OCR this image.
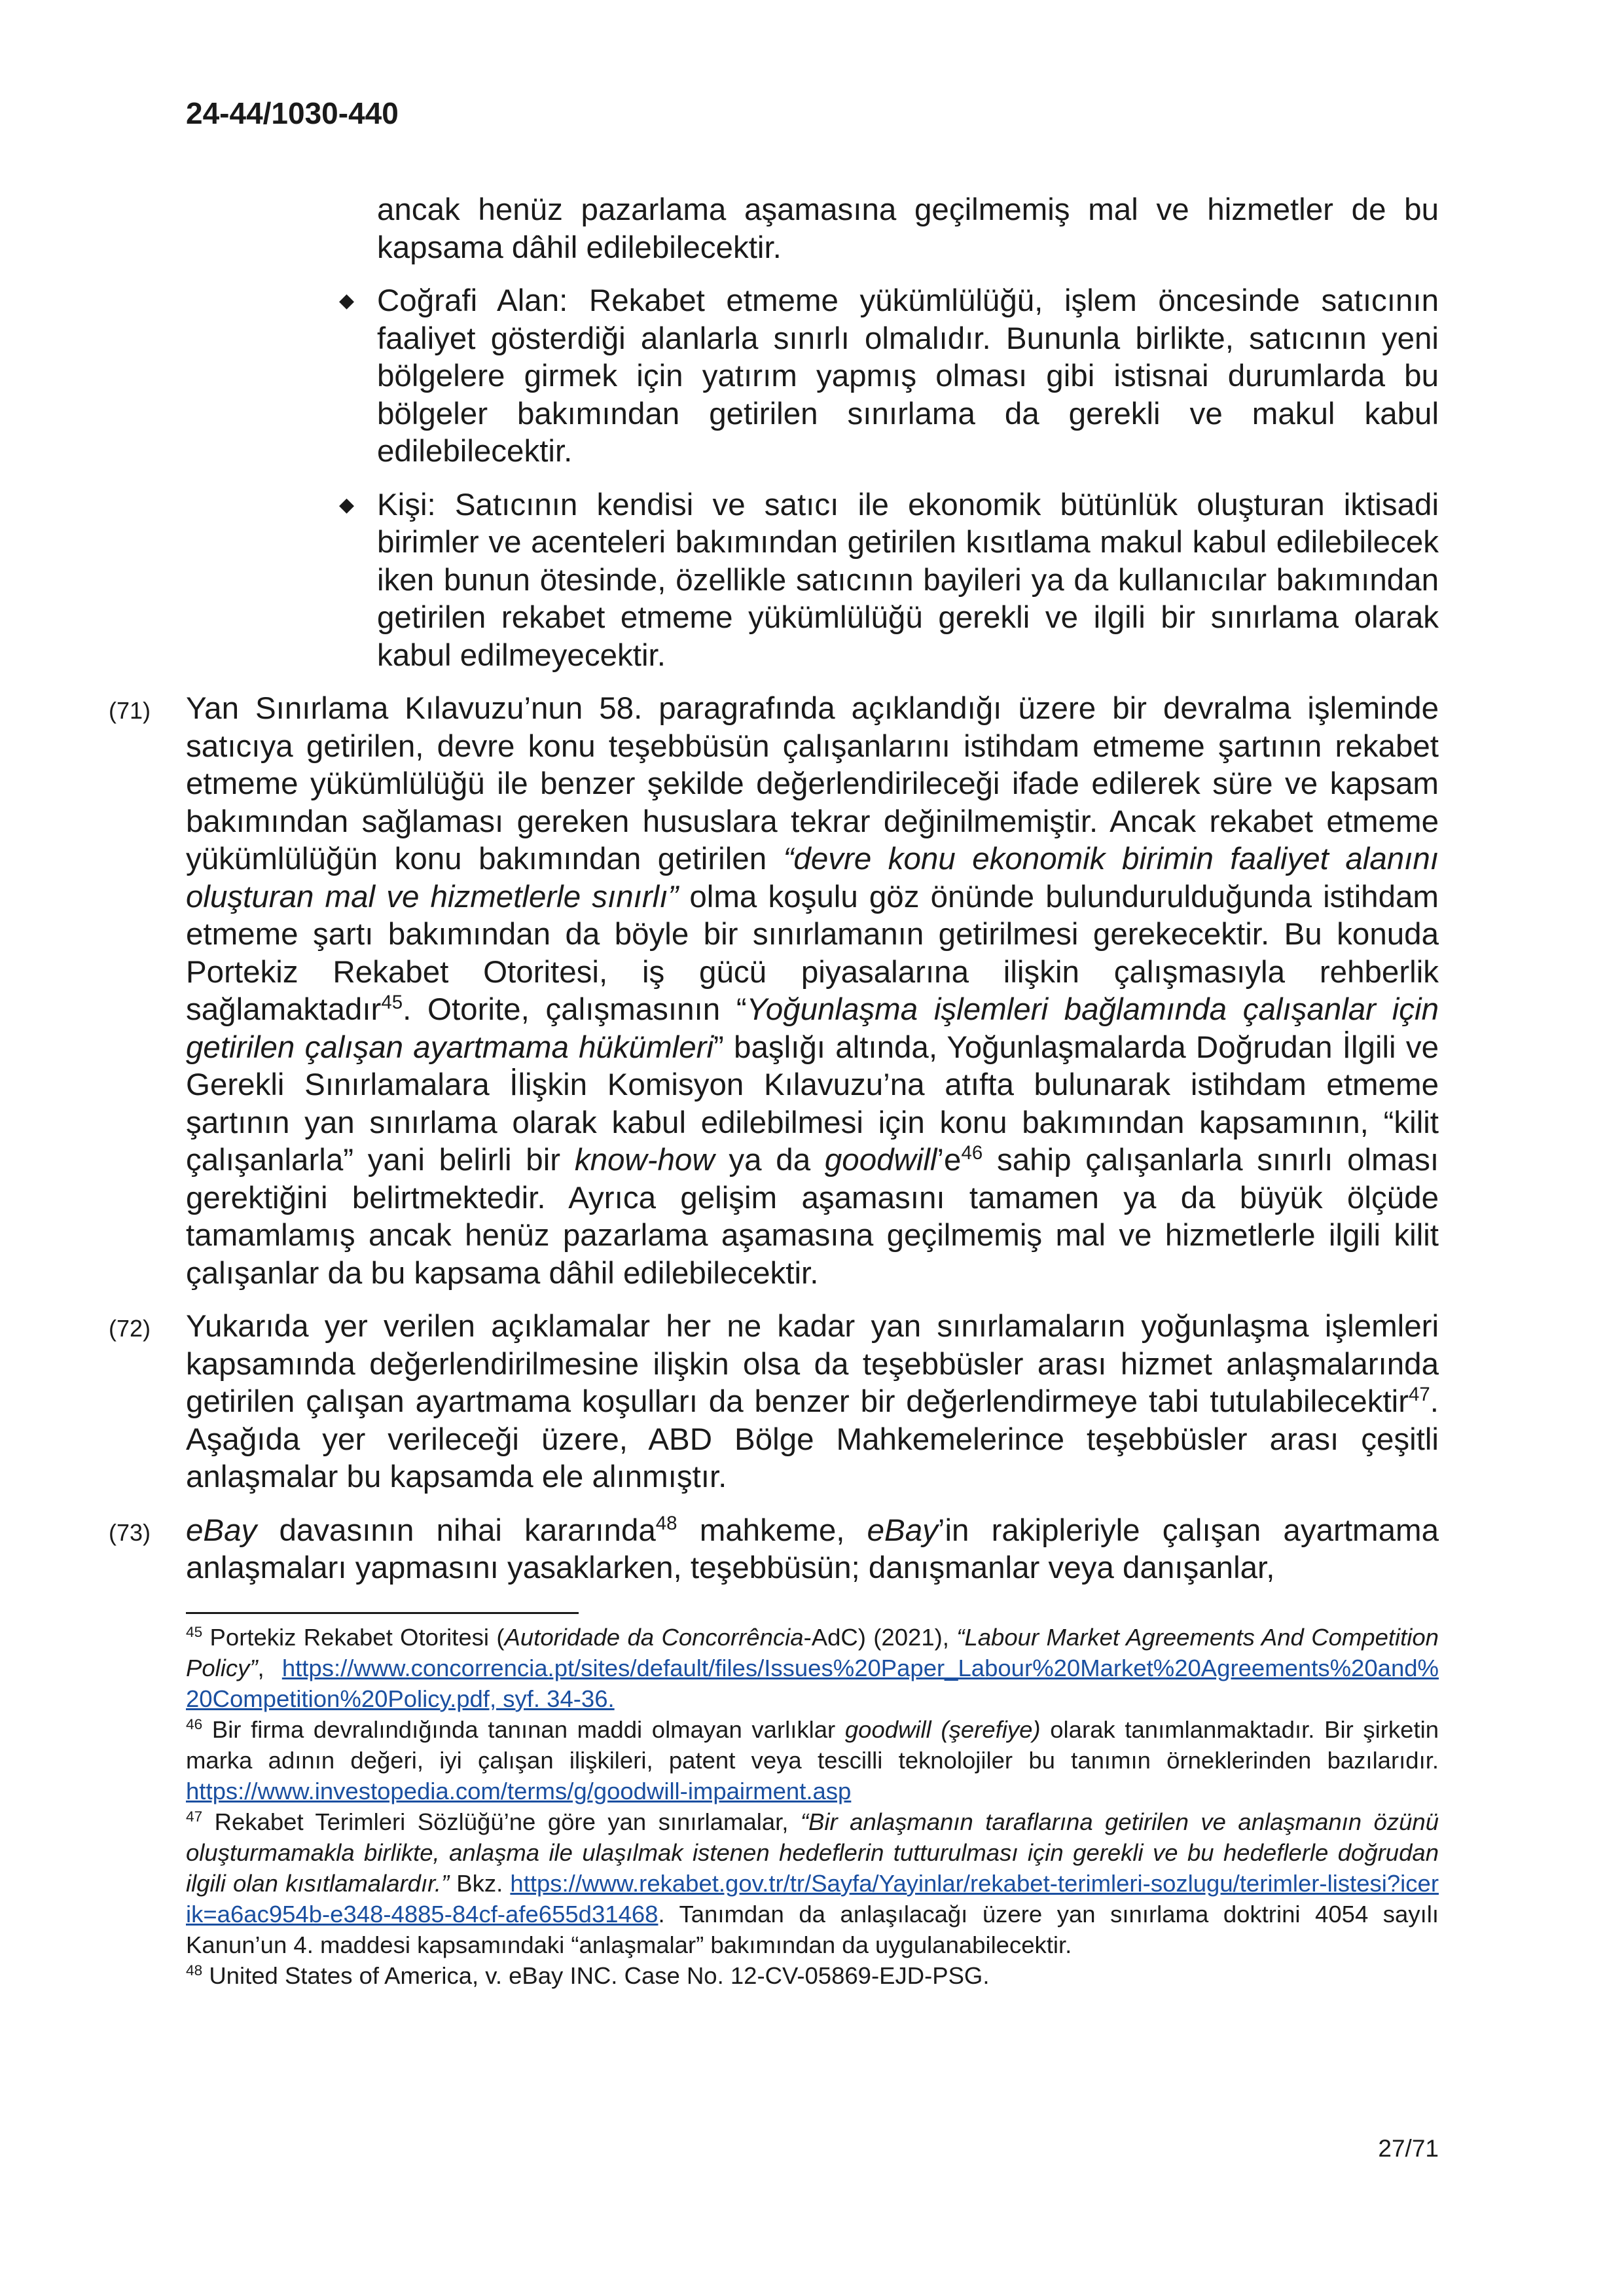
24-44/1030-440
ancak henüz pazarlama aşamasına geçilmemiş mal ve hizmetler de bu kapsama dâhil edilebilecektir.
◆ Coğrafi Alan: Rekabet etmeme yükümlülüğü, işlem öncesinde satıcının faaliyet gösterdiği alanlarla sınırlı olmalıdır. Bununla birlikte, satıcının yeni bölgelere girmek için yatırım yapmış olması gibi istisnai durumlarda bu bölgeler bakımından getirilen sınırlama da gerekli ve makul kabul edilebilecektir.
◆ Kişi: Satıcının kendisi ve satıcı ile ekonomik bütünlük oluşturan iktisadi birimler ve acenteleri bakımından getirilen kısıtlama makul kabul edilebilecek iken bunun ötesinde, özellikle satıcının bayileri ya da kullanıcılar bakımından getirilen rekabet etmeme yükümlülüğü gerekli ve ilgili bir sınırlama olarak kabul edilmeyecektir.
(71) Yan Sınırlama Kılavuzu’nun 58. paragrafında açıklandığı üzere bir devralma işleminde satıcıya getirilen, devre konu teşebbüsün çalışanlarını istihdam etmeme şartının rekabet etmeme yükümlülüğü ile benzer şekilde değerlendirileceği ifade edilerek süre ve kapsam bakımından sağlaması gereken hususlara tekrar değinilmemiştir. Ancak rekabet etmeme yükümlülüğün konu bakımından getirilen “devre konu ekonomik birimin faaliyet alanını oluşturan mal ve hizmetlerle sınırlı” olma koşulu göz önünde bulundurulduğunda istihdam etmeme şartı bakımından da böyle bir sınırlamanın getirilmesi gerekecektir. Bu konuda Portekiz Rekabet Otoritesi, iş gücü piyasalarına ilişkin çalışmasıyla rehberlik sağlamaktadır$^{45}$. Otorite, çalışmasının “Yoğunlaşma işlemleri bağlamında çalışanlar için getirilen çalışan ayartmama hükümleri” başlığı altında, Yoğunlaşmalarda Doğrudan İlgili ve Gerekli Sınırlamalara İlişkin Komisyon Kılavuzu’na atıfta bulunarak istihdam etmeme şartının yan sınırlama olarak kabul edilebilmesi için konu bakımından kapsamının, “kilit çalışanlarla” yani belirli bir know-how ya da $goodwill’e^{46}$ sahip çalışanlarla sınırlı olması gerektiğini belirtmektedir. Ayrıca gelişim aşamasını tamamen ya da büyük ölçüde tamamlamış ancak henüz pazarlama aşamasına geçilmemiş mal ve hizmetlerle ilgili kilit çalışanlar da bu kapsama dâhil edilebilecektir.
(72) Yukarıda yer verilen açıklamalar her ne kadar yan sınırlamaların yoğunlaşma işlemleri kapsamında değerlendirilmesine ilişkin olsa da teşebbüsler arası hizmet anlaşmalarında getirilen çalışan ayartmama koşulları da benzer bir değerlendirmeye tabi tutulabilecektir$^{47}$. Aşağıda yer verileceği üzere, ABD Bölge Mahkemelerince teşebbüsler arası çeşitli anlaşmalar bu kapsamda ele alınmıştır.
(73) eBay davasının nihai kararında$^{48}$ mahkeme, eBay’in rakipleriyle çalışan ayartmama anlaşmaları yapmasını yasaklarken, teşebbüsün; danışmanlar veya danışanlar,
$^{45}$ Portekiz Rekabet Otoritesi (Autoridade da Concorrência-AdC) (2021), “Labour Market Agreements And Competition Policy”, https://www.concorrencia.pt/sites/default/files/Issues%20Paper_Labour%20Market%20Agreements%20and%20Competition%20Policy.pdf, syf. 34-36.
$^{46}$ Bir firma devralındığında tanınan maddi olmayan varlıklar goodwill (şerefiye) olarak tanımlanmaktadır. Bir şirketin marka adının değeri, iyi çalışan ilişkileri, patent veya tescilli teknolojiler bu tanımın örneklerinden bazılarıdır. https://www.investopedia.com/terms/g/goodwill-impairment.asp
$^{47}$ Rekabet Terimleri Sözlüğü’ne göre yan sınırlamalar, “Bir anlaşmanın taraflarına getirilen ve anlaşmanın özünü oluşturmamakla birlikte, anlaşma ile ulaşılmak istenen hedeflerin tutturulması için gerekli ve bu hedeflerle doğrudan ilgili olan kısıtlamalardır.” Bkz. https://www.rekabet.gov.tr/tr/Sayfa/Yayinlar/rekabet-terimleri-sozlugu/terimler-listesi?icerik=a6ac954b-e348-4885-84cf-afe655d31468. Tanımdan da anlaşılacağı üzere yan sınırlama doktrini 4054 sayılı Kanun’un 4. maddesi kapsamındaki “anlaşmalar” bakımından da uygulanabilecektir.
$^{48}$ United States of America, v. eBay INC. Case No. 12-CV-05869-EJD-PSG.
27/71
